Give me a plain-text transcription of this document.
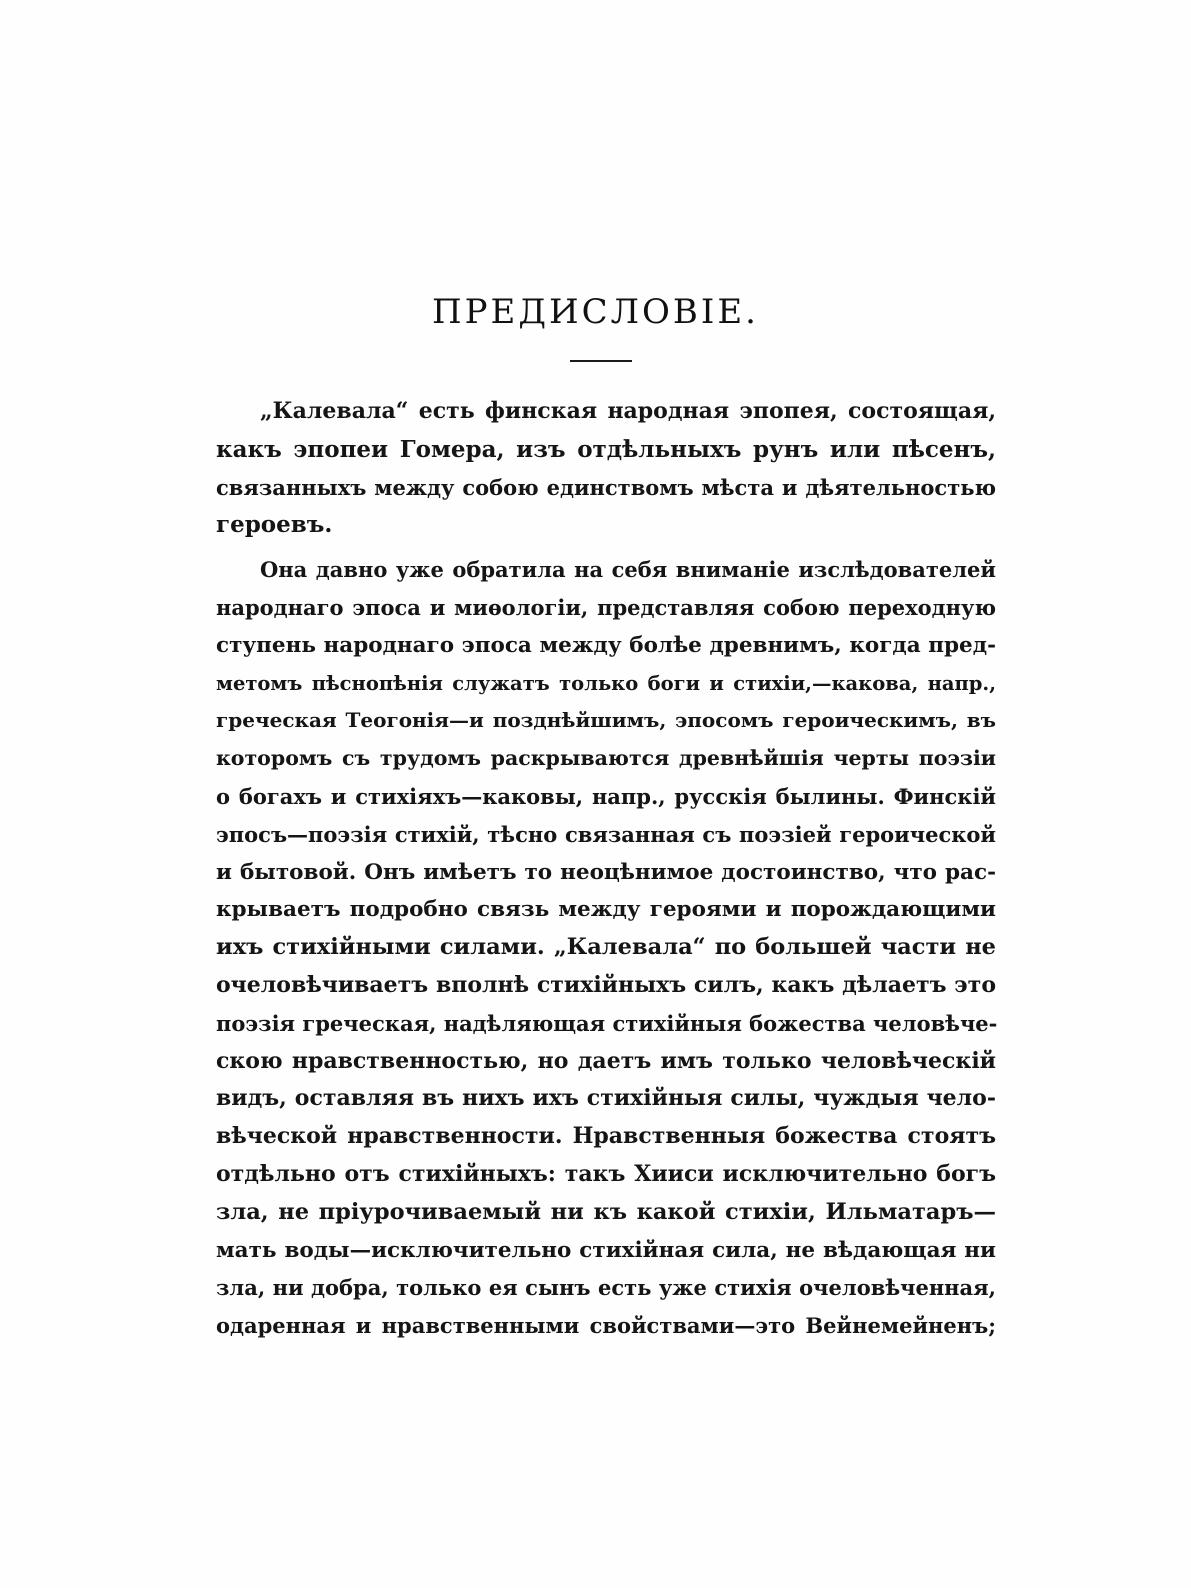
ПРЕДИСЛОВІЕ.
„Калевала“ есть финская народная эпопея, состоящая,
какъ эпопеи Гомера, изъ отдѣльныхъ рунъ или пѣсенъ,
связанныхъ между собою единствомъ мѣста и дѣятельностью
героевъ.
Она давно уже обратила на себя вниманіе изслѣдователей
народнаго эпоса и миѳологіи, представляя собою переходную
ступень народнаго эпоса между болѣе древнимъ, когда пред-
метомъ пѣснопѣнія служатъ только боги и стихіи,—какова, напр.,
греческая Теогонія—и позднѣйшимъ, эпосомъ героическимъ, въ
которомъ съ трудомъ раскрываются древнѣйшія черты поэзіи
о богахъ и стихіяхъ—каковы, напр., русскія былины. Финскій
эпосъ—поэзія стихій, тѣсно связанная съ поэзіей героической
и бытовой. Онъ имѣетъ то неоцѣнимое достоинство, что рас-
крываетъ подробно связь между героями и порождающими
ихъ стихійными силами. „Калевала“ по большей части не
очеловѣчиваетъ вполнѣ стихійныхъ силъ, какъ дѣлаетъ это
поэзія греческая, надѣляющая стихійныя божества человѣче-
скою нравственностью, но даетъ имъ только человѣческій
видъ, оставляя въ нихъ ихъ стихійныя силы, чуждыя чело-
вѣческой нравственности. Нравственныя божества стоятъ
отдѣльно отъ стихійныхъ: такъ Хииси исключительно богъ
зла, не пріурочиваемый ни къ какой стихіи, Ильматаръ—
мать воды—исключительно стихійная сила, не вѣдающая ни
зла, ни добра, только ея сынъ есть уже стихія очеловѣченная,
одаренная и нравственными свойствами—это Вейнемейненъ;
